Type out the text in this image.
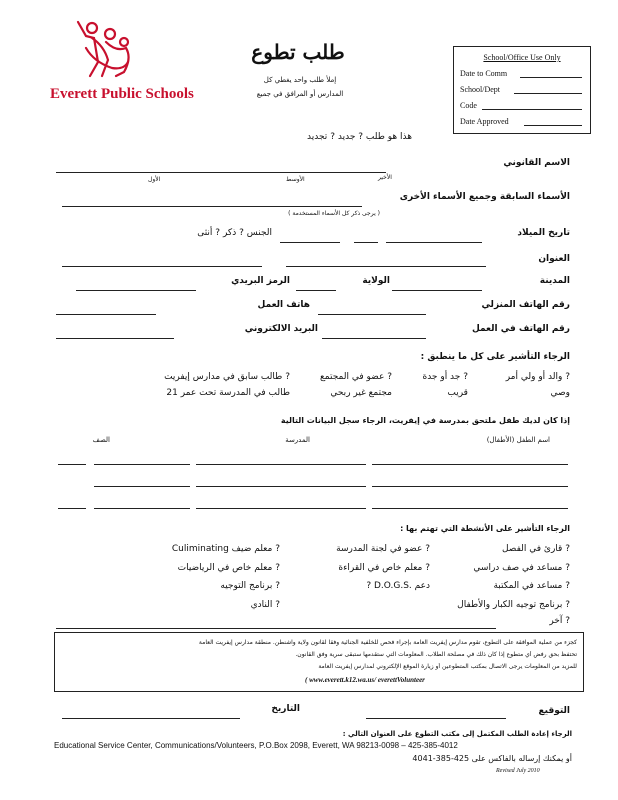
Everett Public Schools
طلب تطوع
إملأ طلب واحد يغطي كل
المدارس أو المرافق في جميع
School/Office Use Only
Date to Comm
School/Dept
Code
Date Approved
هذا هو طلب ? جديد ? تجديد
الاسم القانوني
الأول	الأوسط	الأخير
الأسماء السابقة وجميع الأسماء الأخرى
( يرجى ذكر كل الأسماء المستخدمة )
تاريخ الميلاد
الجنس ? ذكر ? أنثى
العنوان
المدينة
الولاية
الرمز البريدي
رقم الهاتف المنزلي
هاتف العمل
رقم الهاتف في العمل
البريد الالكتروني
الرجاء التأشير على كل ما ينطبق :
? والد أو ولي أمر
? جد أو جدة
? عضو في المجتمع
? طالب سابق في مدارس إيفريت
وصي
قريب
مجتمع غير ربحي
طالب في المدرسة تحت عمر 21
إذا كان لديك طفل ملتحق بمدرسة في إيفريت، الرجاء سجل البيانات التالية
اسم الطفل (الأطفال)
المدرسة
الصف
الرجاء التأشير على الأنشطة التي تهتم بها :
? قارئ في الفصل
? عضو في لجنة المدرسة
? معلم ضيف Culiminating
? مساعد في صف دراسي
? معلم خاص في القراءة
? معلم خاص في الرياضيات
? مساعد في المكتبة
? D.O.G.S. دعم
? برنامج التوجيه
? برنامج توجيه الكبار والأطفال
? النادي
? آخر
كجزء من عملية الموافقة على التطوع، تقوم مدارس إيفريت العامة بإجراء فحص للخلفية الجنائية وفقاً لقانون ولاية واشنطن. منطقة مدارس إيفريت العامة
تحتفظ بحق رفض أي متطوع إذا كان ذلك في مصلحة الطلاب. المعلومات التي ستقدمها ستبقى سرية وفق القانون.
للمزيد من المعلومات يرجى الاتصال بمكتب المتطوعين أو زيارة الموقع الإلكتروني لمدارس إيفريت العامة
( www.everett.k12.wa.us/ everettVolunteer
التوقيع
التاريخ
الرجاء إعادة الطلب المكتمل إلى مكتب التطوع على العنوان التالي :
Educational Service Center, Communications/Volunteers, P.O.Box 2098, Everett, WA 98213-0098 – 425-385-4012
أو يمكنك إرساله بالفاكس على 425-385-4041
Revised July 2010
